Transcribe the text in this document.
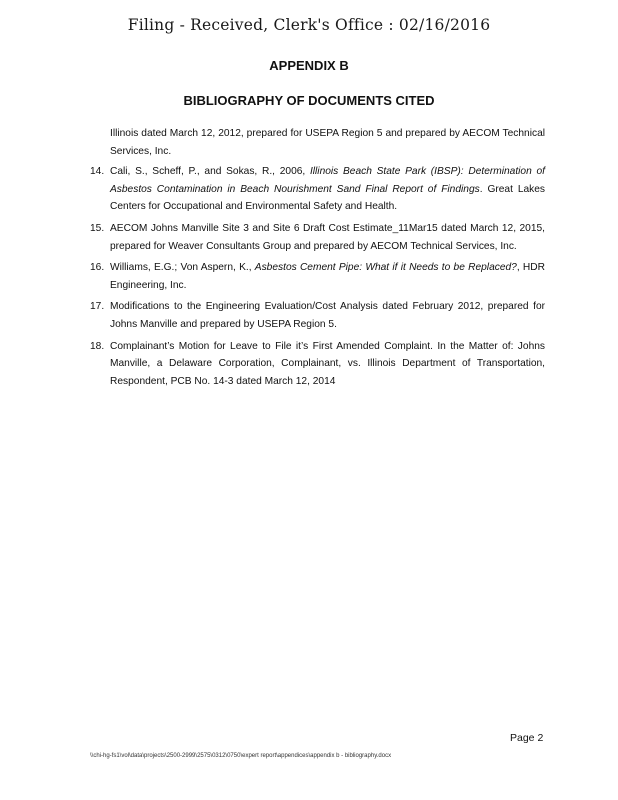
Filing - Received, Clerk's Office : 02/16/2016
APPENDIX B
BIBLIOGRAPHY OF DOCUMENTS CITED
Illinois dated March 12, 2012, prepared for USEPA Region 5 and prepared by AECOM Technical Services, Inc.
14. Cali, S., Scheff, P., and Sokas, R., 2006, Illinois Beach State Park (IBSP): Determination of Asbestos Contamination in Beach Nourishment Sand Final Report of Findings. Great Lakes Centers for Occupational and Environmental Safety and Health.
15. AECOM Johns Manville Site 3 and Site 6 Draft Cost Estimate_11Mar15 dated March 12, 2015, prepared for Weaver Consultants Group and prepared by AECOM Technical Services, Inc.
16. Williams, E.G.; Von Aspern, K., Asbestos Cement Pipe: What if it Needs to be Replaced?, HDR Engineering, Inc.
17. Modifications to the Engineering Evaluation/Cost Analysis dated February 2012, prepared for Johns Manville and prepared by USEPA Region 5.
18. Complainant’s Motion for Leave to File it’s First Amended Complaint. In the Matter of: Johns Manville, a Delaware Corporation, Complainant, vs. Illinois Department of Transportation, Respondent, PCB No. 14-3 dated March 12, 2014
Page 2
\\chi-hg-fs1\vol\data\projects\2500-2999\2575\0312\0750\expert report\appendices\appendix b - bibliography.docx
